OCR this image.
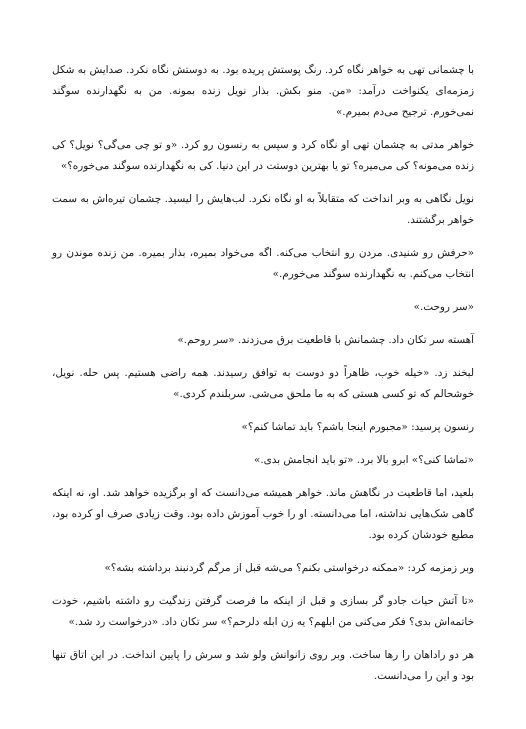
با چشمانی تهی به خواهر نگاه کرد. رنگ پوستش پریده بود. به دوستش نگاه نکرد. صدایش به شکل زمزمه‌ای یکنواخت درآمد: «من. منو بکش. بذار نویل زنده بمونه. من به نگهدارنده سوگند نمی‌خورم. ترجیح می‌دم بمیرم.»

خواهر مدتی به چشمان تهی او نگاه کرد و سپس به رنسون رو کرد. «و تو چی می‌گی؟ نویل؟ کی زنده می‌مونه؟ کی می‌میره؟ تو یا بهترین دوستت در این دنیا. کی به نگهدارنده سوگند می‌خوره؟»

نویل نگاهی به وبر انداخت که متقابلاً به او نگاه نکرد. لب‌هایش را لیسید. چشمان تیره‌اش به سمت خواهر برگشتند.

«حرفش رو شنیدی. مردن رو انتخاب می‌کنه. اگه می‌خواد بمیره، بذار بمیره. من زنده موندن رو انتخاب می‌کنم. به نگهدارنده سوگند می‌خورم.»

«سر روحت.»

آهسته سر تکان داد. چشمانش با قاطعیت برق می‌زدند. «سر روحم.»

لبخند زد. «خیله خوب، ظاهراً دو دوست به توافق رسیدند. همه راضی هستیم. پس حله. نویل، خوشحالم که تو کسی هستی که به ما ملحق می‌شی. سربلندم کردی.»

رنسون پرسید: «مجبورم اینجا باشم؟ باید تماشا کنم؟»

«تماشا کنی؟» ابرو بالا برد. «تو باید انجامش بدی.»

بلعید، اما قاطعیت در نگاهش ماند. خواهر همیشه می‌دانست که او برگزیده خواهد شد. او، نه اینکه گاهی شک‌هایی نداشته، اما می‌دانسته. او را خوب آموزش داده بود. وقت زیادی صرف او کرده بود، مطیع خودشان کرده بود.

وبر زمزمه کرد: «ممکنه درخواستی بکنم؟ می‌شه قبل از مرگم گردنبند برداشته بشه؟»

«تا آتش حیات جادو گر بسازی و قبل از اینکه ما فرصت گرفتن زندگیت رو داشته باشیم، خودت خاتمه‌اش بدی؟ فکر می‌کنی من ابلهم؟ یه زن ابله دلرحم؟» سر تکان داد. «درخواست رد شد.»

هر دو رادا‌هان را رها ساخت. وبر روی زانوانش ولو شد و سرش را پایین انداخت. در این اتاق تنها بود و این را می‌دانست.
